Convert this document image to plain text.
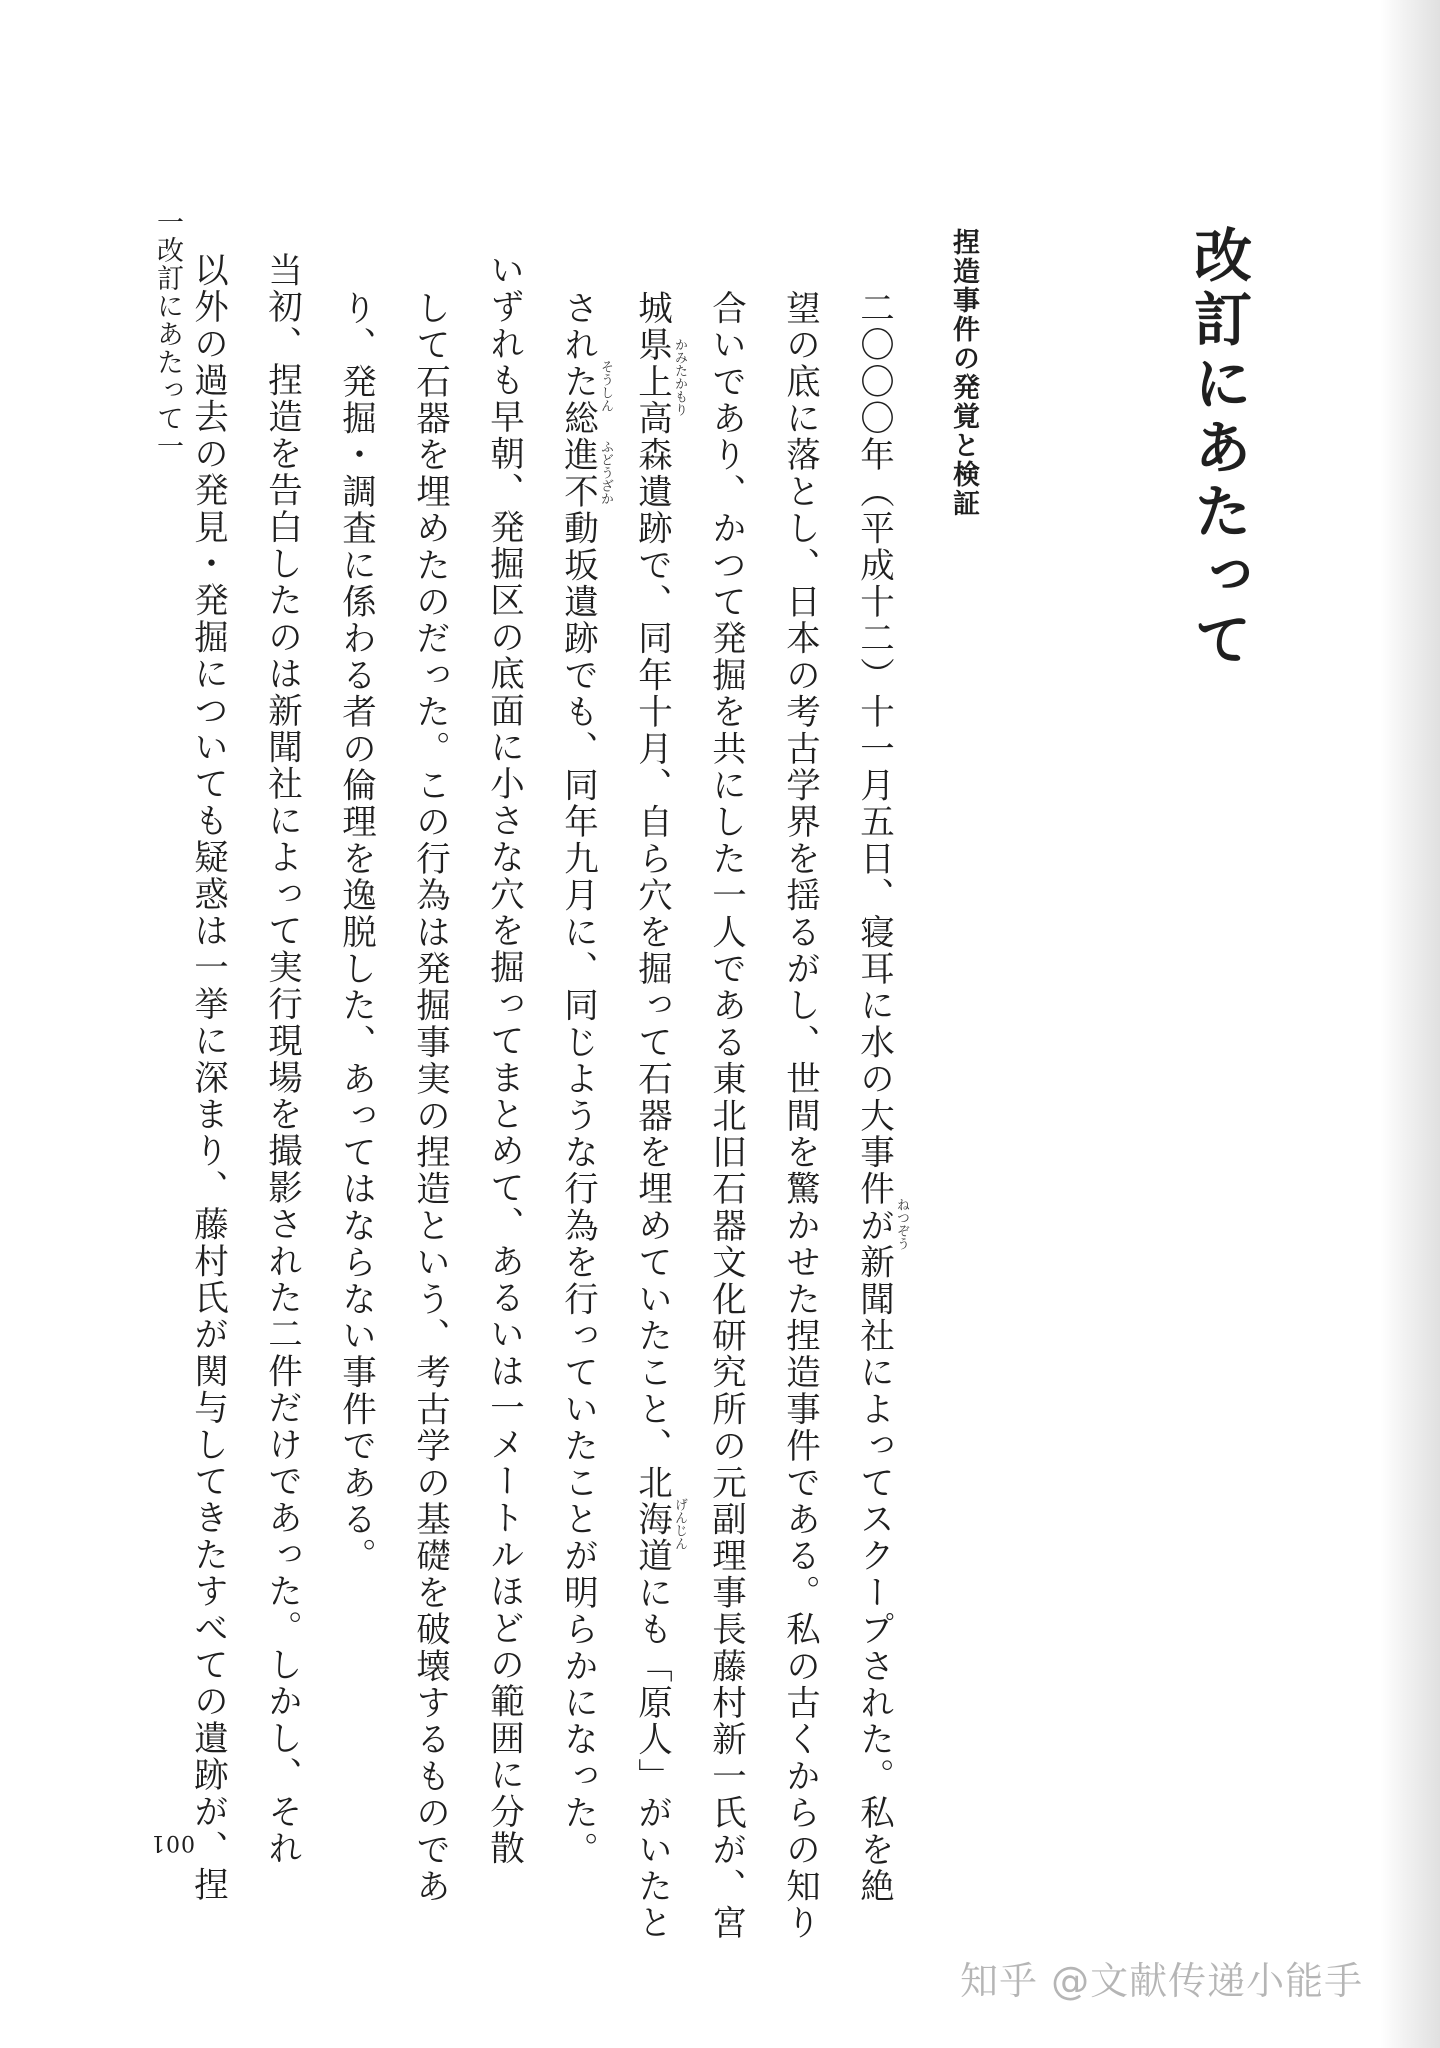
改訂にあたって
捏造事件の発覚と検証

二〇〇〇年（平成十二）十一月五日、寝耳に水の大事件が新聞社によってスクープされた。私を絶

望の底に落とし、日本の考古学界を揺るがし、世間を驚かせた捏造事件である。私の古くからの知り

合いであり、かつて発掘を共にした一人である東北旧石器文化研究所の元副理事長藤村新一氏が、宮

城県上高森遺跡で、同年十月、自ら穴を掘って石器を埋めていたこと、北海道にも「原人」がいたと

された総進不動坂遺跡でも、同年九月に、同じような行為を行っていたことが明らかになった。

いずれも早朝、発掘区の底面に小さな穴を掘ってまとめて、あるいは一メートルほどの範囲に分散

して石器を埋めたのだった。この行為は発掘事実の捏造という、考古学の基礎を破壊するものであ

り、発掘・調査に係わる者の倫理を逸脱した、あってはならない事件である。

当初、捏造を告白したのは新聞社によって実行現場を撮影された二件だけであった。しかし、それ

以外の過去の発見・発掘についても疑惑は一挙に深まり、藤村氏が関与してきたすべての遺跡が、捏	ねつぞう
かみたかもり
げんじん
そうしん
ふどうざか

一改訂にあたって一

001
知乎 @文献传递小能手
